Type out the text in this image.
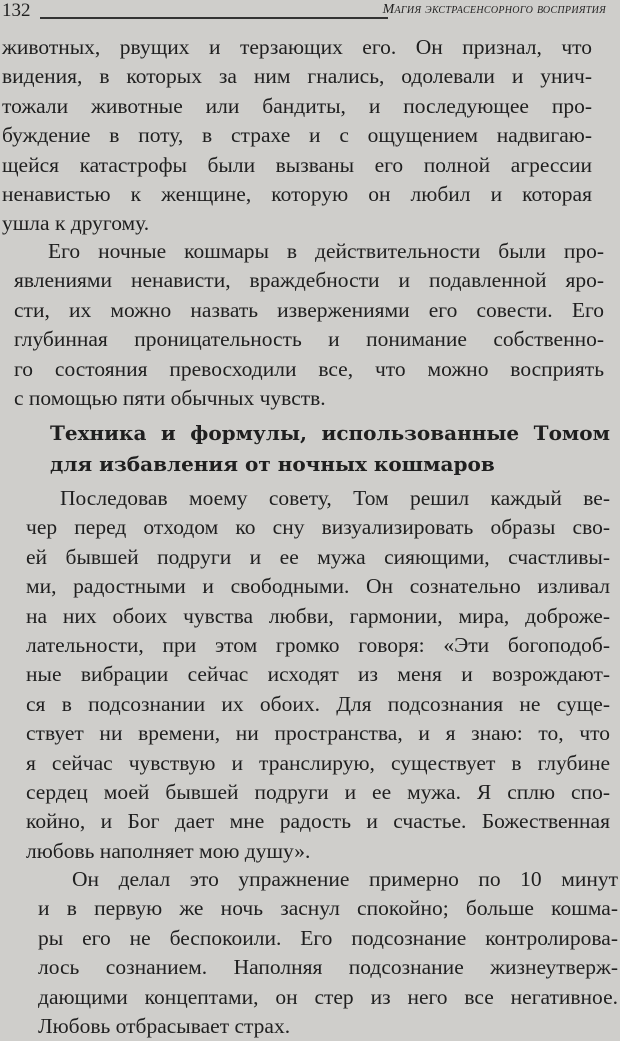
132	Магия экстрасенсорного восприятия

животных, рвущих и терзающих его. Он признал, что
видения, в которых за ним гнались, одолевали и унич-
тожали животные или бандиты, и последующее про-
буждение в поту, в страхе и с ощущением надвигаю-
щейся катастрофы были вызваны его полной агрессии
ненавистью к женщине, которую он любил и которая
ушла к другому.

Его ночные кошмары в действительности были про-
явлениями ненависти, враждебности и подавленной яро-
сти, их можно назвать извержениями его совести. Его
глубинная проницательность и понимание собственно-
го состояния превосходили все, что можно восприять
с помощью пяти обычных чувств.

Техника и формулы, использованные Томом
для избавления от ночных кошмаров

Последовав моему совету, Том решил каждый ве-
чер перед отходом ко сну визуализировать образы сво-
ей бывшей подруги и ее мужа сияющими, счастливы-
ми, радостными и свободными. Он сознательно изливал
на них обоих чувства любви, гармонии, мира, доброже-
лательности, при этом громко говоря: «Эти богоподоб-
ные вибрации сейчас исходят из меня и возрождают-
ся в подсознании их обоих. Для подсознания не суще-
ствует ни времени, ни пространства, и я знаю: то, что
я сейчас чувствую и транслирую, существует в глубине
сердец моей бывшей подруги и ее мужа. Я сплю спо-
койно, и Бог дает мне радость и счастье. Божественная
любовь наполняет мою душу».

Он делал это упражнение примерно по 10 минут
и в первую же ночь заснул спокойно; больше кошма-
ры его не беспокоили. Его подсознание контролирова-
лось сознанием. Наполняя подсознание жизнеутверж-
дающими концептами, он стер из него все негативное.
Любовь отбрасывает страх.
